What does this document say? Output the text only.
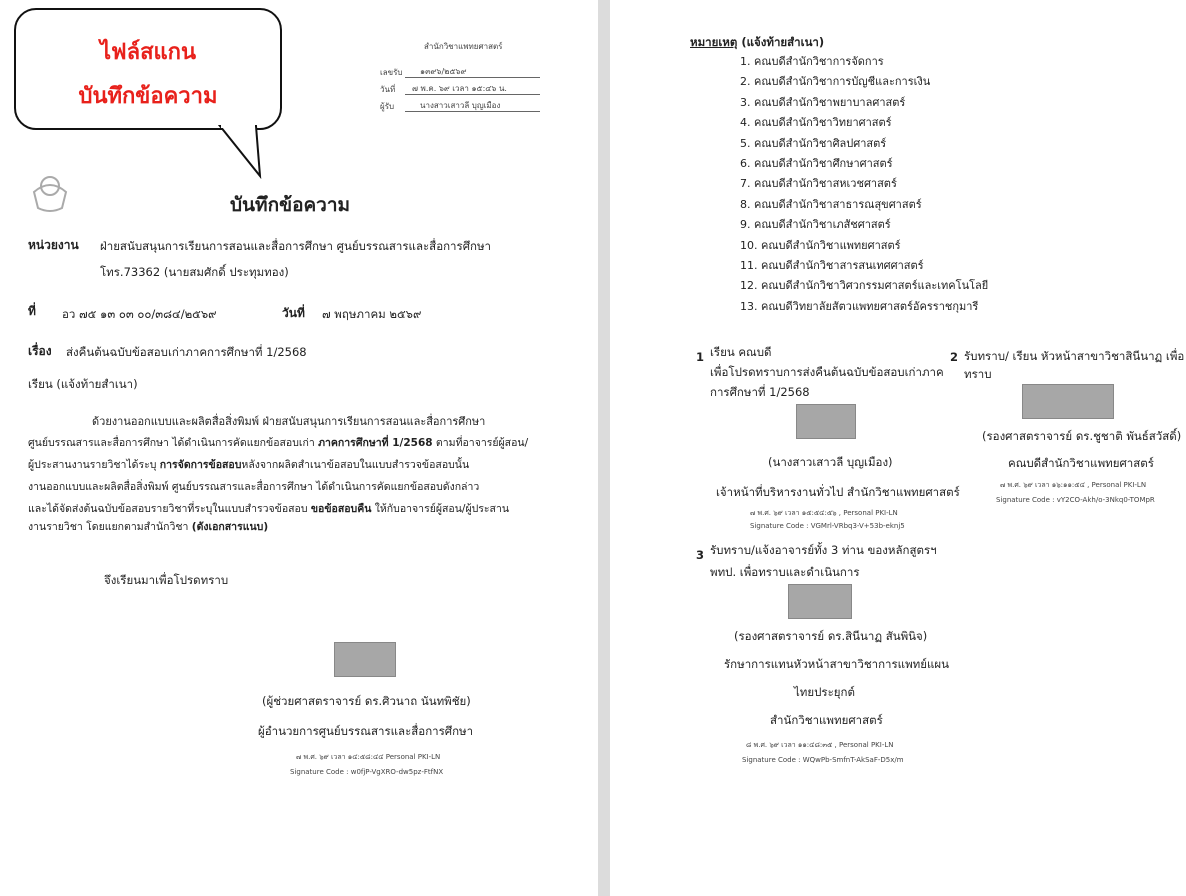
ไฟล์สแกน
บันทึกข้อความ
สำนักวิชาแพทยศาสตร์
เลขรับ ๑๓๙๖/๒๕๖๙
วันที่ ๗ พ.ค. ๖๙ เวลา ๑๕:๔๖ น.
ผู้รับ	นางสาวเสาวลี บุญเมือง
บันทึกข้อความ
หน่วยงาน ฝ่ายสนับสนุนการเรียนการสอนและสื่อการศึกษา ศูนย์บรรณสารและสื่อการศึกษา
โทร.73362 (นายสมศักดิ์ ประทุมทอง)
ที่ อว ๗๕ ๑๓ ๐๓ ๐๐/๓๘๔/๒๕๖๙	วันที่ ๗ พฤษภาคม ๒๕๖๙
เรื่อง ส่งคืนต้นฉบับข้อสอบเก่าภาคการศึกษาที่ 1/2568
เรียน (แจ้งท้ายสำเนา)
ด้วยงานออกแบบและผลิตสื่อสิ่งพิมพ์ ฝ่ายสนับสนุนการเรียนการสอนและสื่อการศึกษา
ศูนย์บรรณสารและสื่อการศึกษา ได้ดำเนินการคัดแยกข้อสอบเก่า ภาคการศึกษาที่ 1/2568 ตามที่อาจารย์ผู้สอน/
ผู้ประสานงานรายวิชาได้ระบุ การจัดการข้อสอบหลังจากผลิตสำเนาข้อสอบในแบบสำรวจข้อสอบนั้น
งานออกแบบและผลิตสื่อสิ่งพิมพ์ ศูนย์บรรณสารและสื่อการศึกษา ได้ดำเนินการคัดแยกข้อสอบดังกล่าว
และได้จัดส่งต้นฉบับข้อสอบรายวิชาที่ระบุในแบบสำรวจข้อสอบ ขอข้อสอบคืน ให้กับอาจารย์ผู้สอน/ผู้ประสาน
งานรายวิชา โดยแยกตามสำนักวิชา (ดังเอกสารแนบ)
จึงเรียนมาเพื่อโปรดทราบ
(ผู้ช่วยศาสตราจารย์ ดร.ศิวนาถ นันทพิชัย)
ผู้อำนวยการศูนย์บรรณสารและสื่อการศึกษา
๗ พ.ศ. ๖๙ เวลา ๑๔:๕๘:๔๔ Personal PKI-LN
Signature Code : w0fjP-VgXRO-dw5pz-FtfNX
หมายเหตุ (แจ้งท้ายสำเนา)
1. คณบดีสำนักวิชาการจัดการ
2. คณบดีสำนักวิชาการบัญชีและการเงิน
3. คณบดีสำนักวิชาพยาบาลศาสตร์
4. คณบดีสำนักวิชาวิทยาศาสตร์
5. คณบดีสำนักวิชาศิลปศาสตร์
6. คณบดีสำนักวิชาศึกษาศาสตร์
7. คณบดีสำนักวิชาสหเวชศาสตร์
8. คณบดีสำนักวิชาสาธารณสุขศาสตร์
9. คณบดีสำนักวิชาเภสัชศาสตร์
10. คณบดีสำนักวิชาแพทยศาสตร์
11. คณบดีสำนักวิชาสารสนเทศศาสตร์
12. คณบดีสำนักวิชาวิศวกรรมศาสตร์และเทคโนโลยี
13. คณบดีวิทยาลัยสัตวแพทยศาสตร์อัครราชกุมารี
1 เรียน คณบดี
เพื่อโปรดทราบการส่งคืนต้นฉบับข้อสอบเก่าภาค
การศึกษาที่ 1/2568
(นางสาวเสาวลี บุญเมือง)
เจ้าหน้าที่บริหารงานทั่วไป สำนักวิชาแพทยศาสตร์
๗ พ.ศ. ๖๙ เวลา ๑๕:๕๔:๕๖ , Personal PKI-LN
Signature Code : VGMrl-VRbq3-V+53b-eknj5
2 รับทราบ/ เรียน หัวหน้าสาขาวิชาสินีนาฏ เพื่อ
ทราบ
(รองศาสตราจารย์ ดร.ชูชาติ พันธ์สวัสดิ์)
คณบดีสำนักวิชาแพทยศาสตร์
๗ พ.ศ. ๖๙ เวลา ๑๖:๑๑:๕๔ , Personal PKI-LN
Signature Code : vY2CO-Akh/o-3Nkq0-TOMpR
3 รับทราบ/แจ้งอาจารย์ทั้ง 3 ท่าน ของหลักสูตรฯ
พทป. เพื่อทราบและดำเนินการ
(รองศาสตราจารย์ ดร.สินีนาฏ สันพินิจ)
รักษาการแทนหัวหน้าสาขาวิชาการแพทย์แผน
ไทยประยุกต์
สำนักวิชาแพทยศาสตร์
๘ พ.ศ. ๖๙ เวลา ๑๑:๔๘:๓๕ , Personal PKI-LN
Signature Code : WQwPb-SmfnT-AkSaF-D5x/m
